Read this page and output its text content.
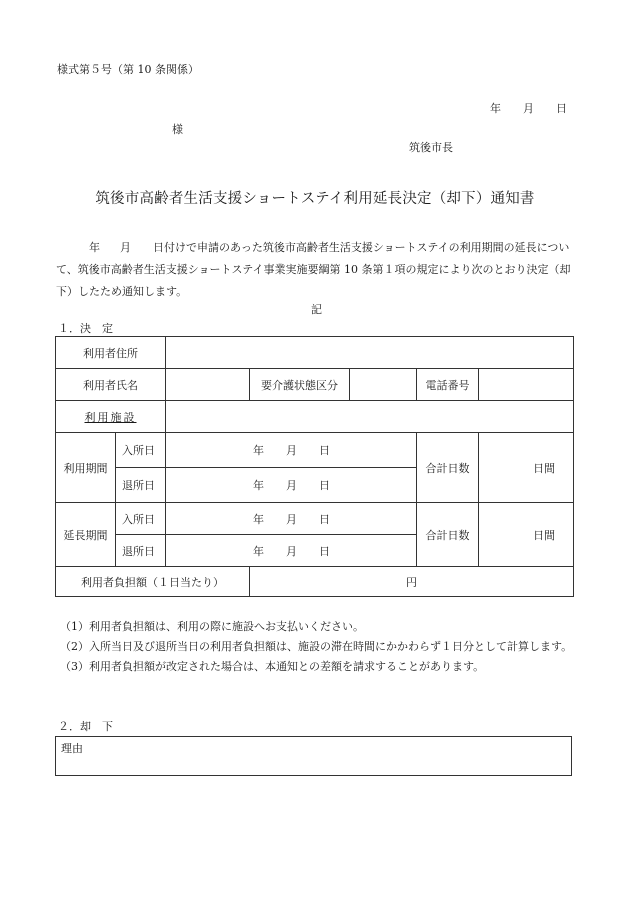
様式第５号（第 10 条関係）
年 月 日
様
筑後市長
筑後市高齢者生活支援ショートステイ利用延長決定（却下）通知書
年 月 日付けで申請のあった筑後市高齢者生活支援ショートステイの利用期間の延長について、筑後市高齢者生活支援ショートステイ事業実施要綱第 10 条第１項の規定により次のとおり決定（却下）したため通知します。
記
１．決　定
利用者住所						
利用者氏名			要介護状態区分		電話番号	
利用施設						
利用期間	入所日	年 月 日			合計日数	日間
	退所日	年 月 日				
延長期間	入所日	年 月 日			合計日数	日間
	退所日	年 月 日				
利用者負担額（１日当たり）			円			
（1）利用者負担額は、利用の際に施設へお支払いください。
（2）入所当日及び退所当日の利用者負担額は、施設の滞在時間にかかわらず１日分として計算します。
（3）利用者負担額が改定された場合は、本通知との差額を請求することがあります。
２．却　下
理由
